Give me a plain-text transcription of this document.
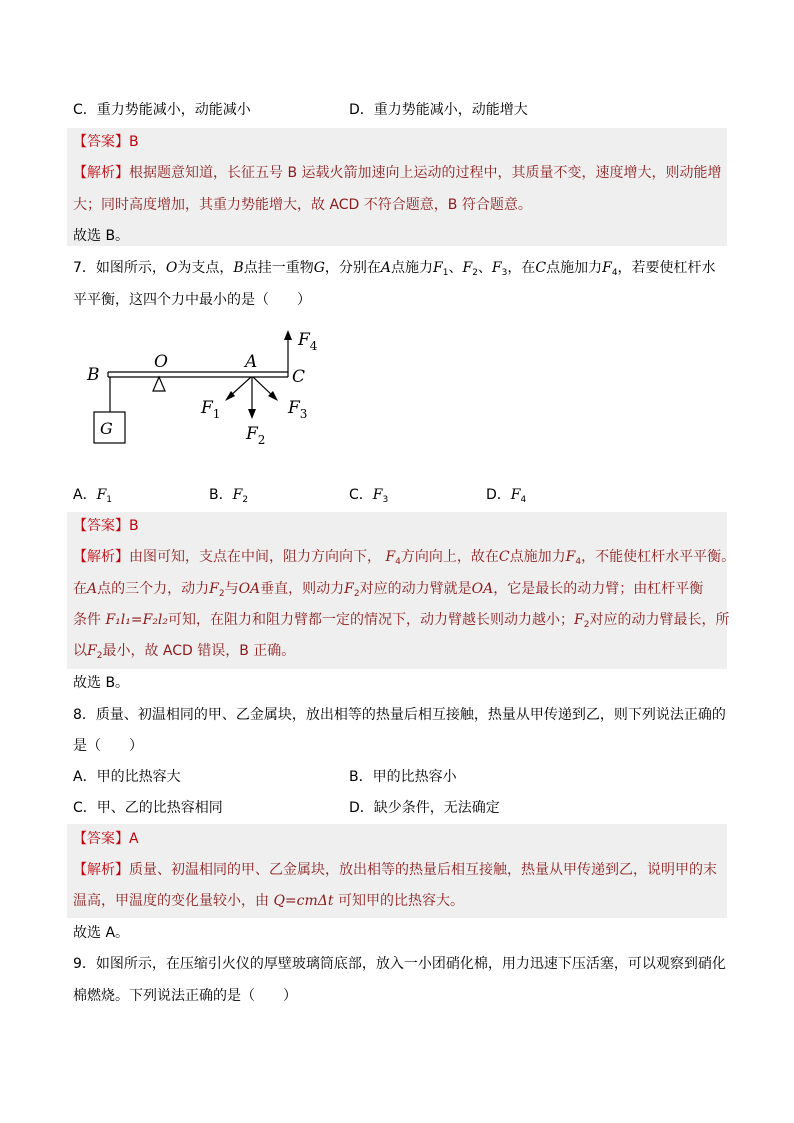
C．重力势能减小，动能减小	D．重力势能减小，动能增大
【答案】B
【解析】根据题意知道，长征五号 B 运载火箭加速向上运动的过程中，其质量不变，速度增大，则动能增
大；同时高度增加，其重力势能增大，故 ACD 不符合题意，B 符合题意。
故选 B。
7．如图所示，O为支点，B点挂一重物G，分别在A点施力$F_1$、$F_2$、$F_3$，在C点施加力$F_4$，若要使杠杆水
平平衡，这四个力中最小的是（　　）
B
O	A
C
G
$F_4$
$F_1$
$F_2$
$F_3$
A．$F_1$	B．$F_2$	C．$F_3$	D．$F_4$
【答案】B
【解析】由图可知，支点在中间，阻力方向向下， $F_4$方向向上，故在C点施加力$F_4$，不能使杠杆水平平衡。
在A点的三个力，动力$F_2$与OA垂直，则动力$F_2$对应的动力臂就是OA，它是最长的动力臂；由杠杆平衡
条件 F₁l₁=F₂l₂可知，在阻力和阻力臂都一定的情况下，动力臂越长则动力越小；$F_2$对应的动力臂最长，所
以$F_2$最小，故 ACD 错误，B 正确。
故选 B。
8．质量、初温相同的甲、乙金属块，放出相等的热量后相互接触，热量从甲传递到乙，则下列说法正确的
是（　　）
A．甲的比热容大	B．甲的比热容小
C．甲、乙的比热容相同	D．缺少条件，无法确定
【答案】A
【解析】质量、初温相同的甲、乙金属块，放出相等的热量后相互接触，热量从甲传递到乙，说明甲的末
温高，甲温度的变化量较小，由 Q=cmΔt 可知甲的比热容大。
故选 A。
9．如图所示，在压缩引火仪的厚壁玻璃筒底部，放入一小团硝化棉，用力迅速下压活塞，可以观察到硝化
棉燃烧。下列说法正确的是（　　）
